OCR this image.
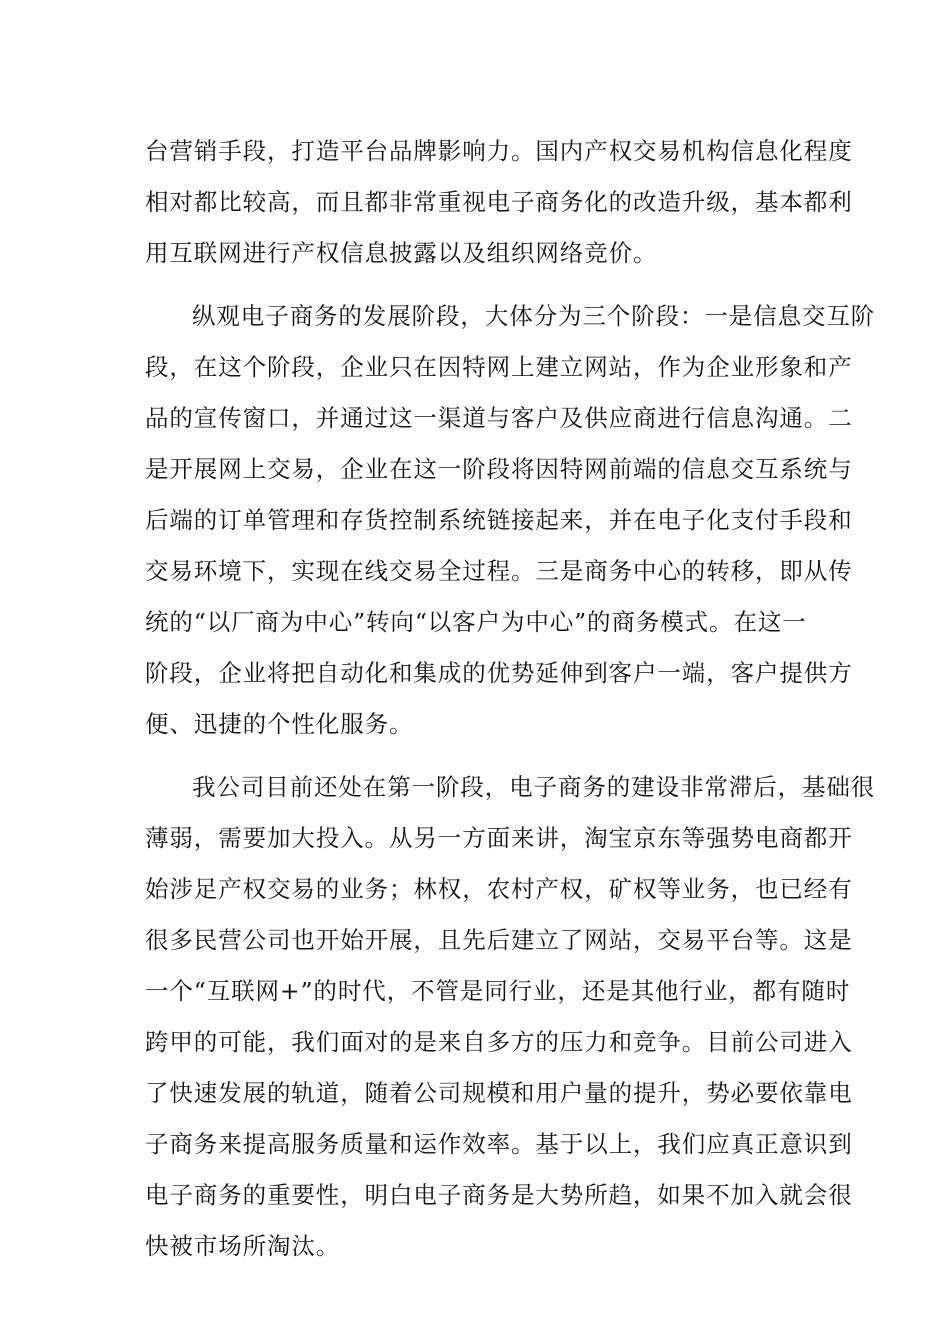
台营销手段，打造平台品牌影响力。国内产权交易机构信息化程度
相对都比较高，而且都非常重视电子商务化的改造升级，基本都利
用互联网进行产权信息披露以及组织网络竞价。
纵观电子商务的发展阶段，大体分为三个阶段：一是信息交互阶
段，在这个阶段，企业只在因特网上建立网站，作为企业形象和产
品的宣传窗口，并通过这一渠道与客户及供应商进行信息沟通。二
是开展网上交易，企业在这一阶段将因特网前端的信息交互系统与
后端的订单管理和存货控制系统链接起来，并在电子化支付手段和
交易环境下，实现在线交易全过程。三是商务中心的转移，即从传
统的“以厂商为中心”转向“以客户为中心”的商务模式。在这一
阶段，企业将把自动化和集成的优势延伸到客户一端，客户提供方
便、迅捷的个性化服务。
我公司目前还处在第一阶段，电子商务的建设非常滞后，基础很
薄弱，需要加大投入。从另一方面来讲，淘宝京东等强势电商都开
始涉足产权交易的业务；林权，农村产权，矿权等业务，也已经有
很多民营公司也开始开展，且先后建立了网站，交易平台等。这是
一个“互联网+”的时代，不管是同行业，还是其他行业，都有随时
跨甲的可能，我们面对的是来自多方的压力和竞争。目前公司进入
了快速发展的轨道，随着公司规模和用户量的提升，势必要依靠电
子商务来提高服务质量和运作效率。基于以上，我们应真正意识到
电子商务的重要性，明白电子商务是大势所趋，如果不加入就会很
快被市场所淘汰。
